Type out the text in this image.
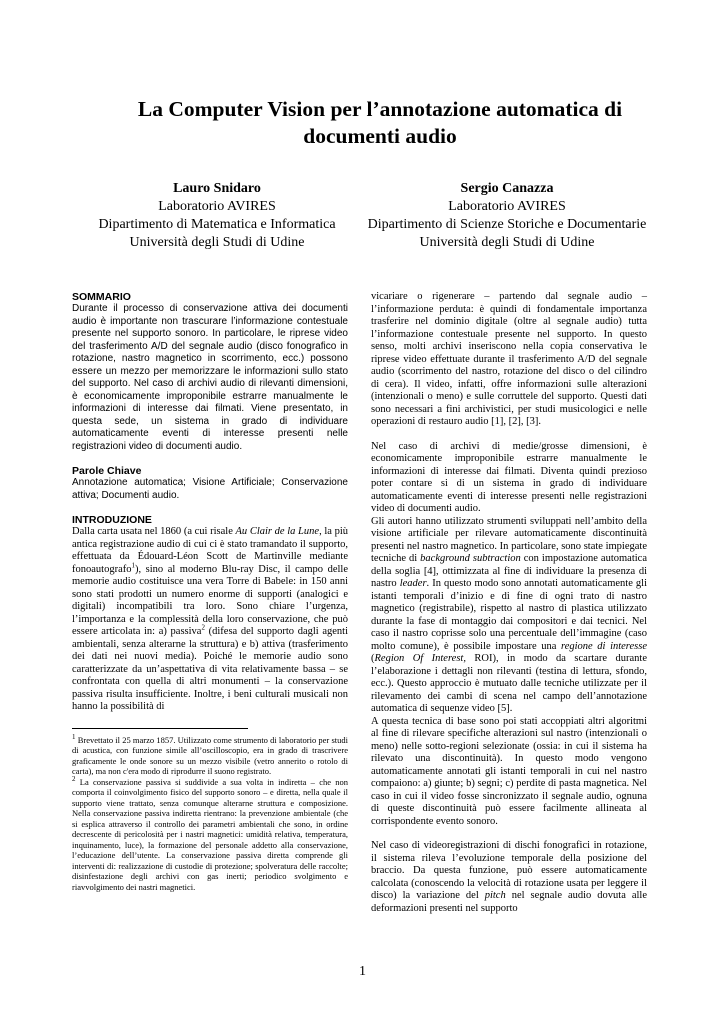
La Computer Vision per l’annotazione automatica di documenti audio
Lauro Snidaro
Laboratorio AVIRES
Dipartimento di Matematica e Informatica
Università degli Studi di Udine
Sergio Canazza
Laboratorio AVIRES
Dipartimento di Scienze Storiche e Documentarie
Università degli Studi di Udine
SOMMARIO

Durante il processo di conservazione attiva dei documenti audio è importante non trascurare l’informazione contestuale presente nel supporto sonoro. In particolare, le riprese video del trasferimento A/D del segnale audio (disco fonografico in rotazione, nastro magnetico in scorrimento, ecc.) possono essere un mezzo per memorizzare le informazioni sullo stato del supporto. Nel caso di archivi audio di rilevanti dimensioni, è economicamente improponibile estrarre manualmente le informazioni di interesse dai filmati. Viene presentato, in questa sede, un sistema in grado di individuare automaticamente eventi di interesse presenti nelle registrazioni video di documenti audio.

Parole Chiave

Annotazione automatica; Visione Artificiale; Conservazione attiva; Documenti audio.

INTRODUZIONE

Dalla carta usata nel 1860 (a cui risale Au Clair de la Lune, la più antica registrazione audio di cui ci è stato tramandato il supporto, effettuata da Édouard-Léon Scott de Martinville mediante fonoautografo$^1$), sino al moderno Blu-ray Disc, il campo delle memorie audio costituisce una vera Torre di Babele: in 150 anni sono stati prodotti un numero enorme di supporti (analogici e digitali) incompatibili tra loro. Sono chiare l’urgenza, l’importanza e la complessità della loro conservazione, che può essere articolata in: a) passiva$^2$ (difesa del supporto dagli agenti ambientali, senza alterarne la struttura) e b) attiva (trasferimento dei dati nei nuovi media). Poiché le memorie audio sono caratterizzate da un’aspettativa di vita relativamente bassa – se confrontata con quella di altri monumenti – la conservazione passiva risulta insufficiente. Inoltre, i beni culturali musicali non hanno la possibilità di

$^1$ Brevettato il 25 marzo 1857. Utilizzato come strumento di laboratorio per studi di acustica, con funzione simile all’oscilloscopio, era in grado di trascrivere graficamente le onde sonore su un mezzo visibile (vetro annerito o rotolo di carta), ma non c'era modo di riprodurre il suono registrato.

$^2$ La conservazione passiva si suddivide a sua volta in indiretta – che non comporta il coinvolgimento fisico del supporto sonoro – e diretta, nella quale il supporto viene trattato, senza comunque alterarne struttura e composizione. Nella conservazione passiva indiretta rientrano: la prevenzione ambientale (che si esplica attraverso il controllo dei parametri ambientali che sono, in ordine decrescente di pericolosità per i nastri magnetici: umidità relativa, temperatura, inquinamento, luce), la formazione del personale addetto alla conservazione, l’educazione dell’utente. La conservazione passiva diretta comprende gli interventi di: realizzazione di custodie di protezione; spolveratura delle raccolte; disinfestazione degli archivi con gas inerti; periodico svolgimento e riavvolgimento dei nastri magnetici.

vicariare o rigenerare – partendo dal segnale audio – l’informazione perduta: è quindi di fondamentale importanza trasferire nel dominio digitale (oltre al segnale audio) tutta l’informazione contestuale presente nel supporto. In questo senso, molti archivi inseriscono nella copia conservativa le riprese video effettuate durante il trasferimento A/D del segnale audio (scorrimento del nastro, rotazione del disco o del cilindro di cera). Il video, infatti, offre informazioni sulle alterazioni (intenzionali o meno) e sulle corruttele del supporto. Questi dati sono necessari a fini archivistici, per studi musicologici e nelle operazioni di restauro audio [1], [2], [3].

Nel caso di archivi di medie/grosse dimensioni, è economicamente improponibile estrarre manualmente le informazioni di interesse dai filmati. Diventa quindi prezioso poter contare si di un sistema in grado di individuare automaticamente eventi di interesse presenti nelle registrazioni video di documenti audio.

Gli autori hanno utilizzato strumenti sviluppati nell’ambito della visione artificiale per rilevare automaticamente discontinuità presenti nel nastro magnetico. In particolare, sono state impiegate tecniche di background subtraction con impostazione automatica della soglia [4], ottimizzata al fine di individuare la presenza di nastro leader. In questo modo sono annotati automaticamente gli istanti temporali d’inizio e di fine di ogni trato di nastro magnetico (registrabile), rispetto al nastro di plastica utilizzato durante la fase di montaggio dai compositori e dai tecnici. Nel caso il nastro coprisse solo una percentuale dell’immagine (caso molto comune), è possibile impostare una regione di interesse (Region Of Interest, ROI), in modo da scartare durante l’elaborazione i dettagli non rilevanti (testina di lettura, sfondo, ecc.). Questo approccio è mutuato dalle tecniche utilizzate per il rilevamento dei cambi di scena nel campo dell’annotazione automatica di sequenze video [5].

A questa tecnica di base sono poi stati accoppiati altri algoritmi al fine di rilevare specifiche alterazioni sul nastro (intenzionali o meno) nelle sotto-regioni selezionate (ossia: in cui il sistema ha rilevato una discontinuità). In questo modo vengono automaticamente annotati gli istanti temporali in cui nel nastro compaiono: a) giunte; b) segni; c) perdite di pasta magnetica. Nel caso in cui il video fosse sincronizzato il segnale audio, ognuna di queste discontinuità può essere facilmente allineata al corrispondente evento sonoro.

Nel caso di videoregistrazioni di dischi fonografici in rotazione, il sistema rileva l’evoluzione temporale della posizione del braccio. Da questa funzione, può essere automaticamente calcolata (conoscendo la velocità di rotazione usata per leggere il disco) la variazione del pitch nel segnale audio dovuta alle deformazioni presenti nel supporto

1
